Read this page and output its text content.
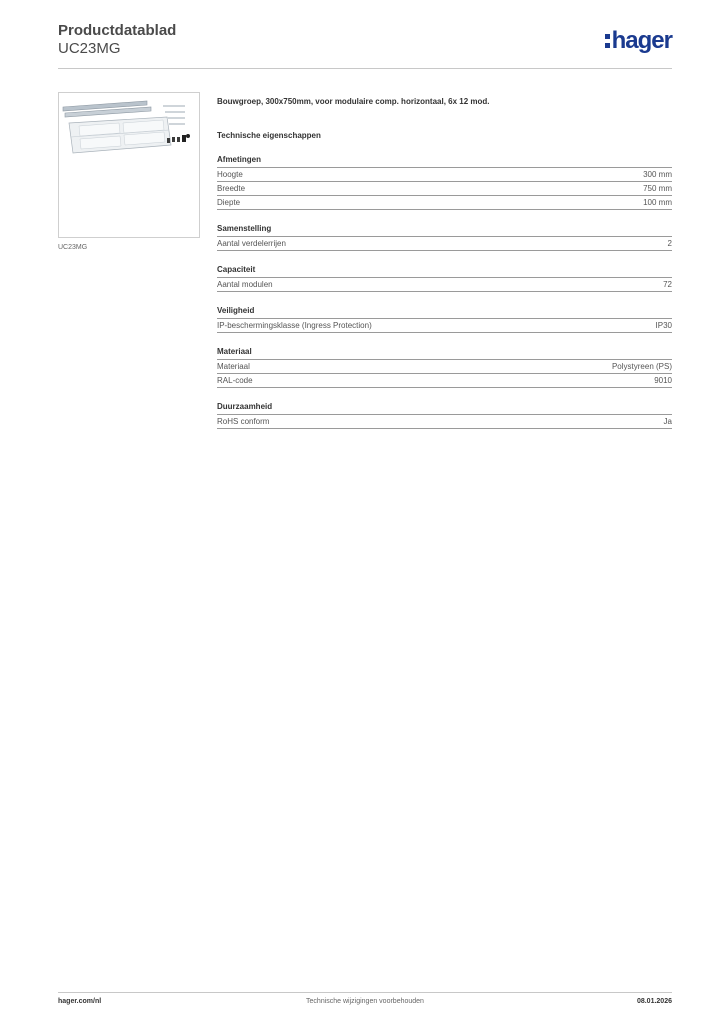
Productdatablad
UC23MG	hager
UC23MG
Bouwgroep, 300x750mm, voor modulaire comp. horizontaal, 6x 12 mod.
Technische eigenschappen
Afmetingen
Hoogte	300 mm
Breedte	750 mm
Diepte	100 mm
Samenstelling
Aantal verdelerrijen	2
Capaciteit
Aantal modulen	72
Veiligheid
IP-beschermingsklasse (Ingress Protection)	IP30
Materiaal
Materiaal	Polystyreen (PS)
RAL-code	9010
Duurzaamheid
RoHS conform	Ja
hager.com/nl	Technische wijzigingen voorbehouden	08.01.2026
